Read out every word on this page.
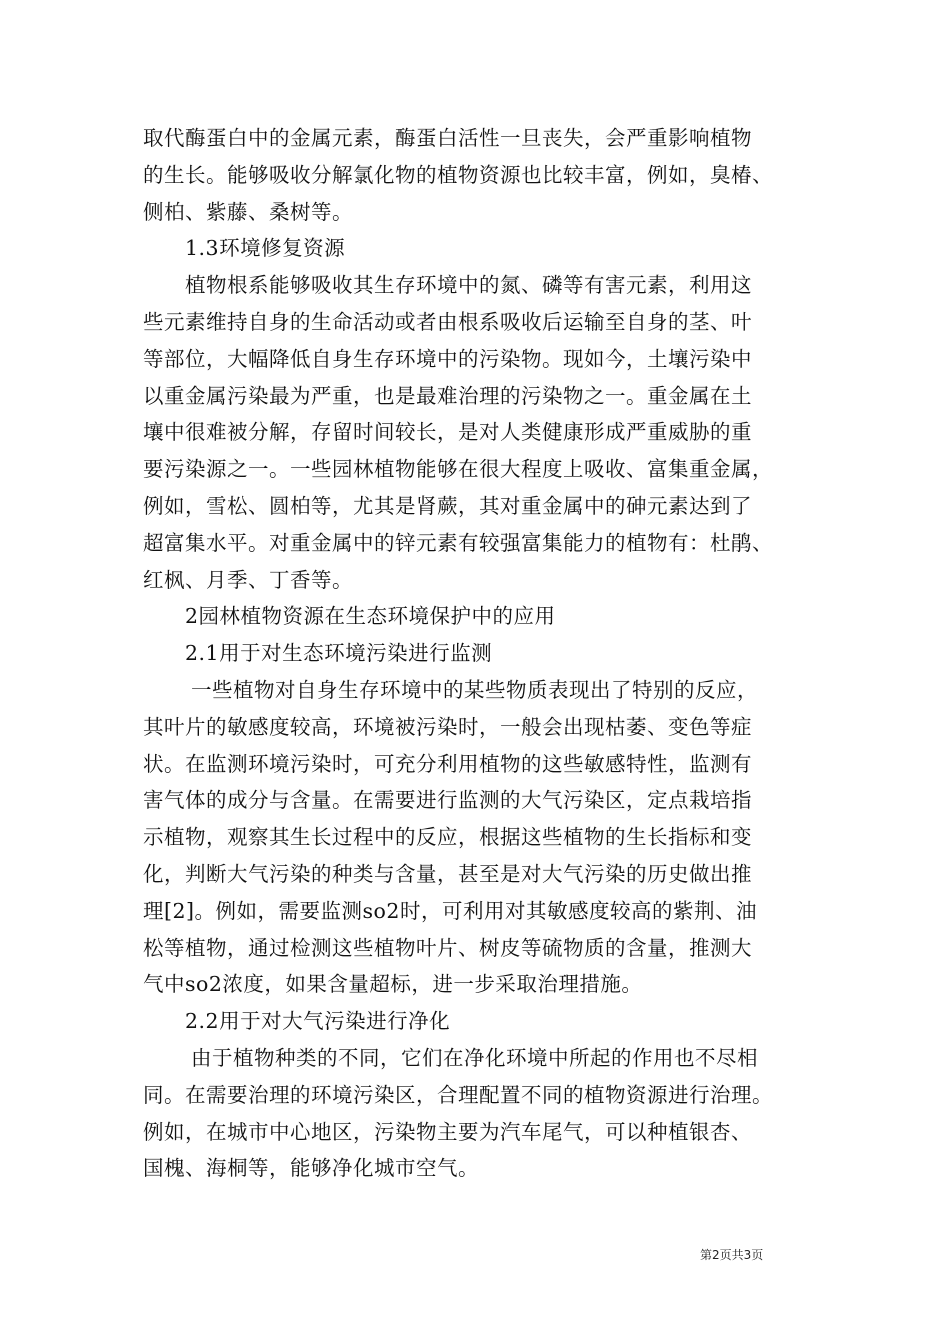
取代酶蛋白中的金属元素，酶蛋白活性一旦丧失，会严重影响植物
的生长。能够吸收分解氯化物的植物资源也比较丰富，例如，臭椿、
侧柏、紫藤、桑树等。
1.3环境修复资源
植物根系能够吸收其生存环境中的氮、磷等有害元素，利用这
些元素维持自身的生命活动或者由根系吸收后运输至自身的茎、叶
等部位，大幅降低自身生存环境中的污染物。现如今，土壤污染中
以重金属污染最为严重，也是最难治理的污染物之一。重金属在土
壤中很难被分解，存留时间较长，是对人类健康形成严重威胁的重
要污染源之一。一些园林植物能够在很大程度上吸收、富集重金属，
例如，雪松、圆柏等，尤其是肾蕨，其对重金属中的砷元素达到了
超富集水平。对重金属中的锌元素有较强富集能力的植物有：杜鹃、
红枫、月季、丁香等。
2园林植物资源在生态环境保护中的应用
2.1用于对生态环境污染进行监测
一些植物对自身生存环境中的某些物质表现出了特别的反应，
其叶片的敏感度较高，环境被污染时，一般会出现枯萎、变色等症
状。在监测环境污染时，可充分利用植物的这些敏感特性，监测有
害气体的成分与含量。在需要进行监测的大气污染区，定点栽培指
示植物，观察其生长过程中的反应，根据这些植物的生长指标和变
化，判断大气污染的种类与含量，甚至是对大气污染的历史做出推
理[2]。例如，需要监测so2时，可利用对其敏感度较高的紫荆、油
松等植物，通过检测这些植物叶片、树皮等硫物质的含量，推测大
气中so2浓度，如果含量超标，进一步采取治理措施。
2.2用于对大气污染进行净化
由于植物种类的不同，它们在净化环境中所起的作用也不尽相
同。在需要治理的环境污染区，合理配置不同的植物资源进行治理。
例如，在城市中心地区，污染物主要为汽车尾气，可以种植银杏、
国槐、海桐等，能够净化城市空气。
第2页共3页
